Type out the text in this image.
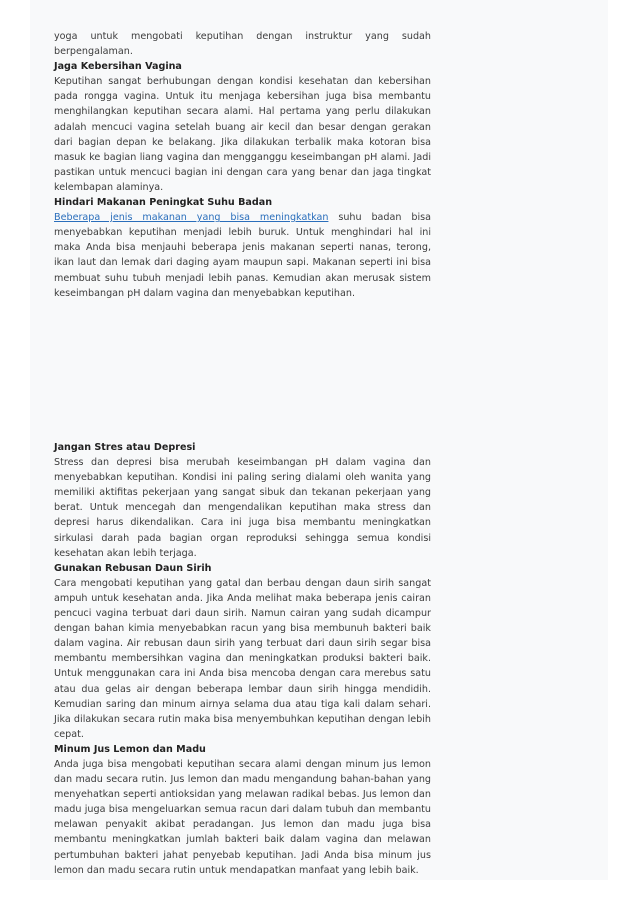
yoga untuk mengobati keputihan dengan instruktur yang sudah berpengalaman.

Jaga Kebersihan Vagina

Keputihan sangat berhubungan dengan kondisi kesehatan dan kebersihan pada rongga vagina. Untuk itu menjaga kebersihan juga bisa membantu menghilangkan keputihan secara alami. Hal pertama yang perlu dilakukan adalah mencuci vagina setelah buang air kecil dan besar dengan gerakan dari bagian depan ke belakang. Jika dilakukan terbalik maka kotoran bisa masuk ke bagian liang vagina dan mengganggu keseimbangan pH alami. Jadi pastikan untuk mencuci bagian ini dengan cara yang benar dan jaga tingkat kelembapan alaminya.

Hindari Makanan Peningkat Suhu Badan

Beberapa jenis makanan yang bisa meningkatkan suhu badan bisa menyebabkan keputihan menjadi lebih buruk. Untuk menghindari hal ini maka Anda bisa menjauhi beberapa jenis makanan seperti nanas, terong, ikan laut dan lemak dari daging ayam maupun sapi. Makanan seperti ini bisa membuat suhu tubuh menjadi lebih panas. Kemudian akan merusak sistem keseimbangan pH dalam vagina dan menyebabkan keputihan.

Jangan Stres atau Depresi

Stress dan depresi bisa merubah keseimbangan pH dalam vagina dan menyebabkan keputihan. Kondisi ini paling sering dialami oleh wanita yang memiliki aktifitas pekerjaan yang sangat sibuk dan tekanan pekerjaan yang berat. Untuk mencegah dan mengendalikan keputihan maka stress dan depresi harus dikendalikan. Cara ini juga bisa membantu meningkatkan sirkulasi darah pada bagian organ reproduksi sehingga semua kondisi kesehatan akan lebih terjaga.

Gunakan Rebusan Daun Sirih

Cara mengobati keputihan yang gatal dan berbau dengan daun sirih sangat ampuh untuk kesehatan anda. Jika Anda melihat maka beberapa jenis cairan pencuci vagina terbuat dari daun sirih. Namun cairan yang sudah dicampur dengan bahan kimia menyebabkan racun yang bisa membunuh bakteri baik dalam vagina. Air rebusan daun sirih yang terbuat dari daun sirih segar bisa membantu membersihkan vagina dan meningkatkan produksi bakteri baik. Untuk menggunakan cara ini Anda bisa mencoba dengan cara merebus satu atau dua gelas air dengan beberapa lembar daun sirih hingga mendidih. Kemudian saring dan minum airnya selama dua atau tiga kali dalam sehari. Jika dilakukan secara rutin maka bisa menyembuhkan keputihan dengan lebih cepat.

Minum Jus Lemon dan Madu

Anda juga bisa mengobati keputihan secara alami dengan minum jus lemon dan madu secara rutin. Jus lemon dan madu mengandung bahan-bahan yang menyehatkan seperti antioksidan yang melawan radikal bebas. Jus lemon dan madu juga bisa mengeluarkan semua racun dari dalam tubuh dan membantu melawan penyakit akibat peradangan. Jus lemon dan madu juga bisa membantu meningkatkan jumlah bakteri baik dalam vagina dan melawan pertumbuhan bakteri jahat penyebab keputihan. Jadi Anda bisa minum jus lemon dan madu secara rutin untuk mendapatkan manfaat yang lebih baik.
